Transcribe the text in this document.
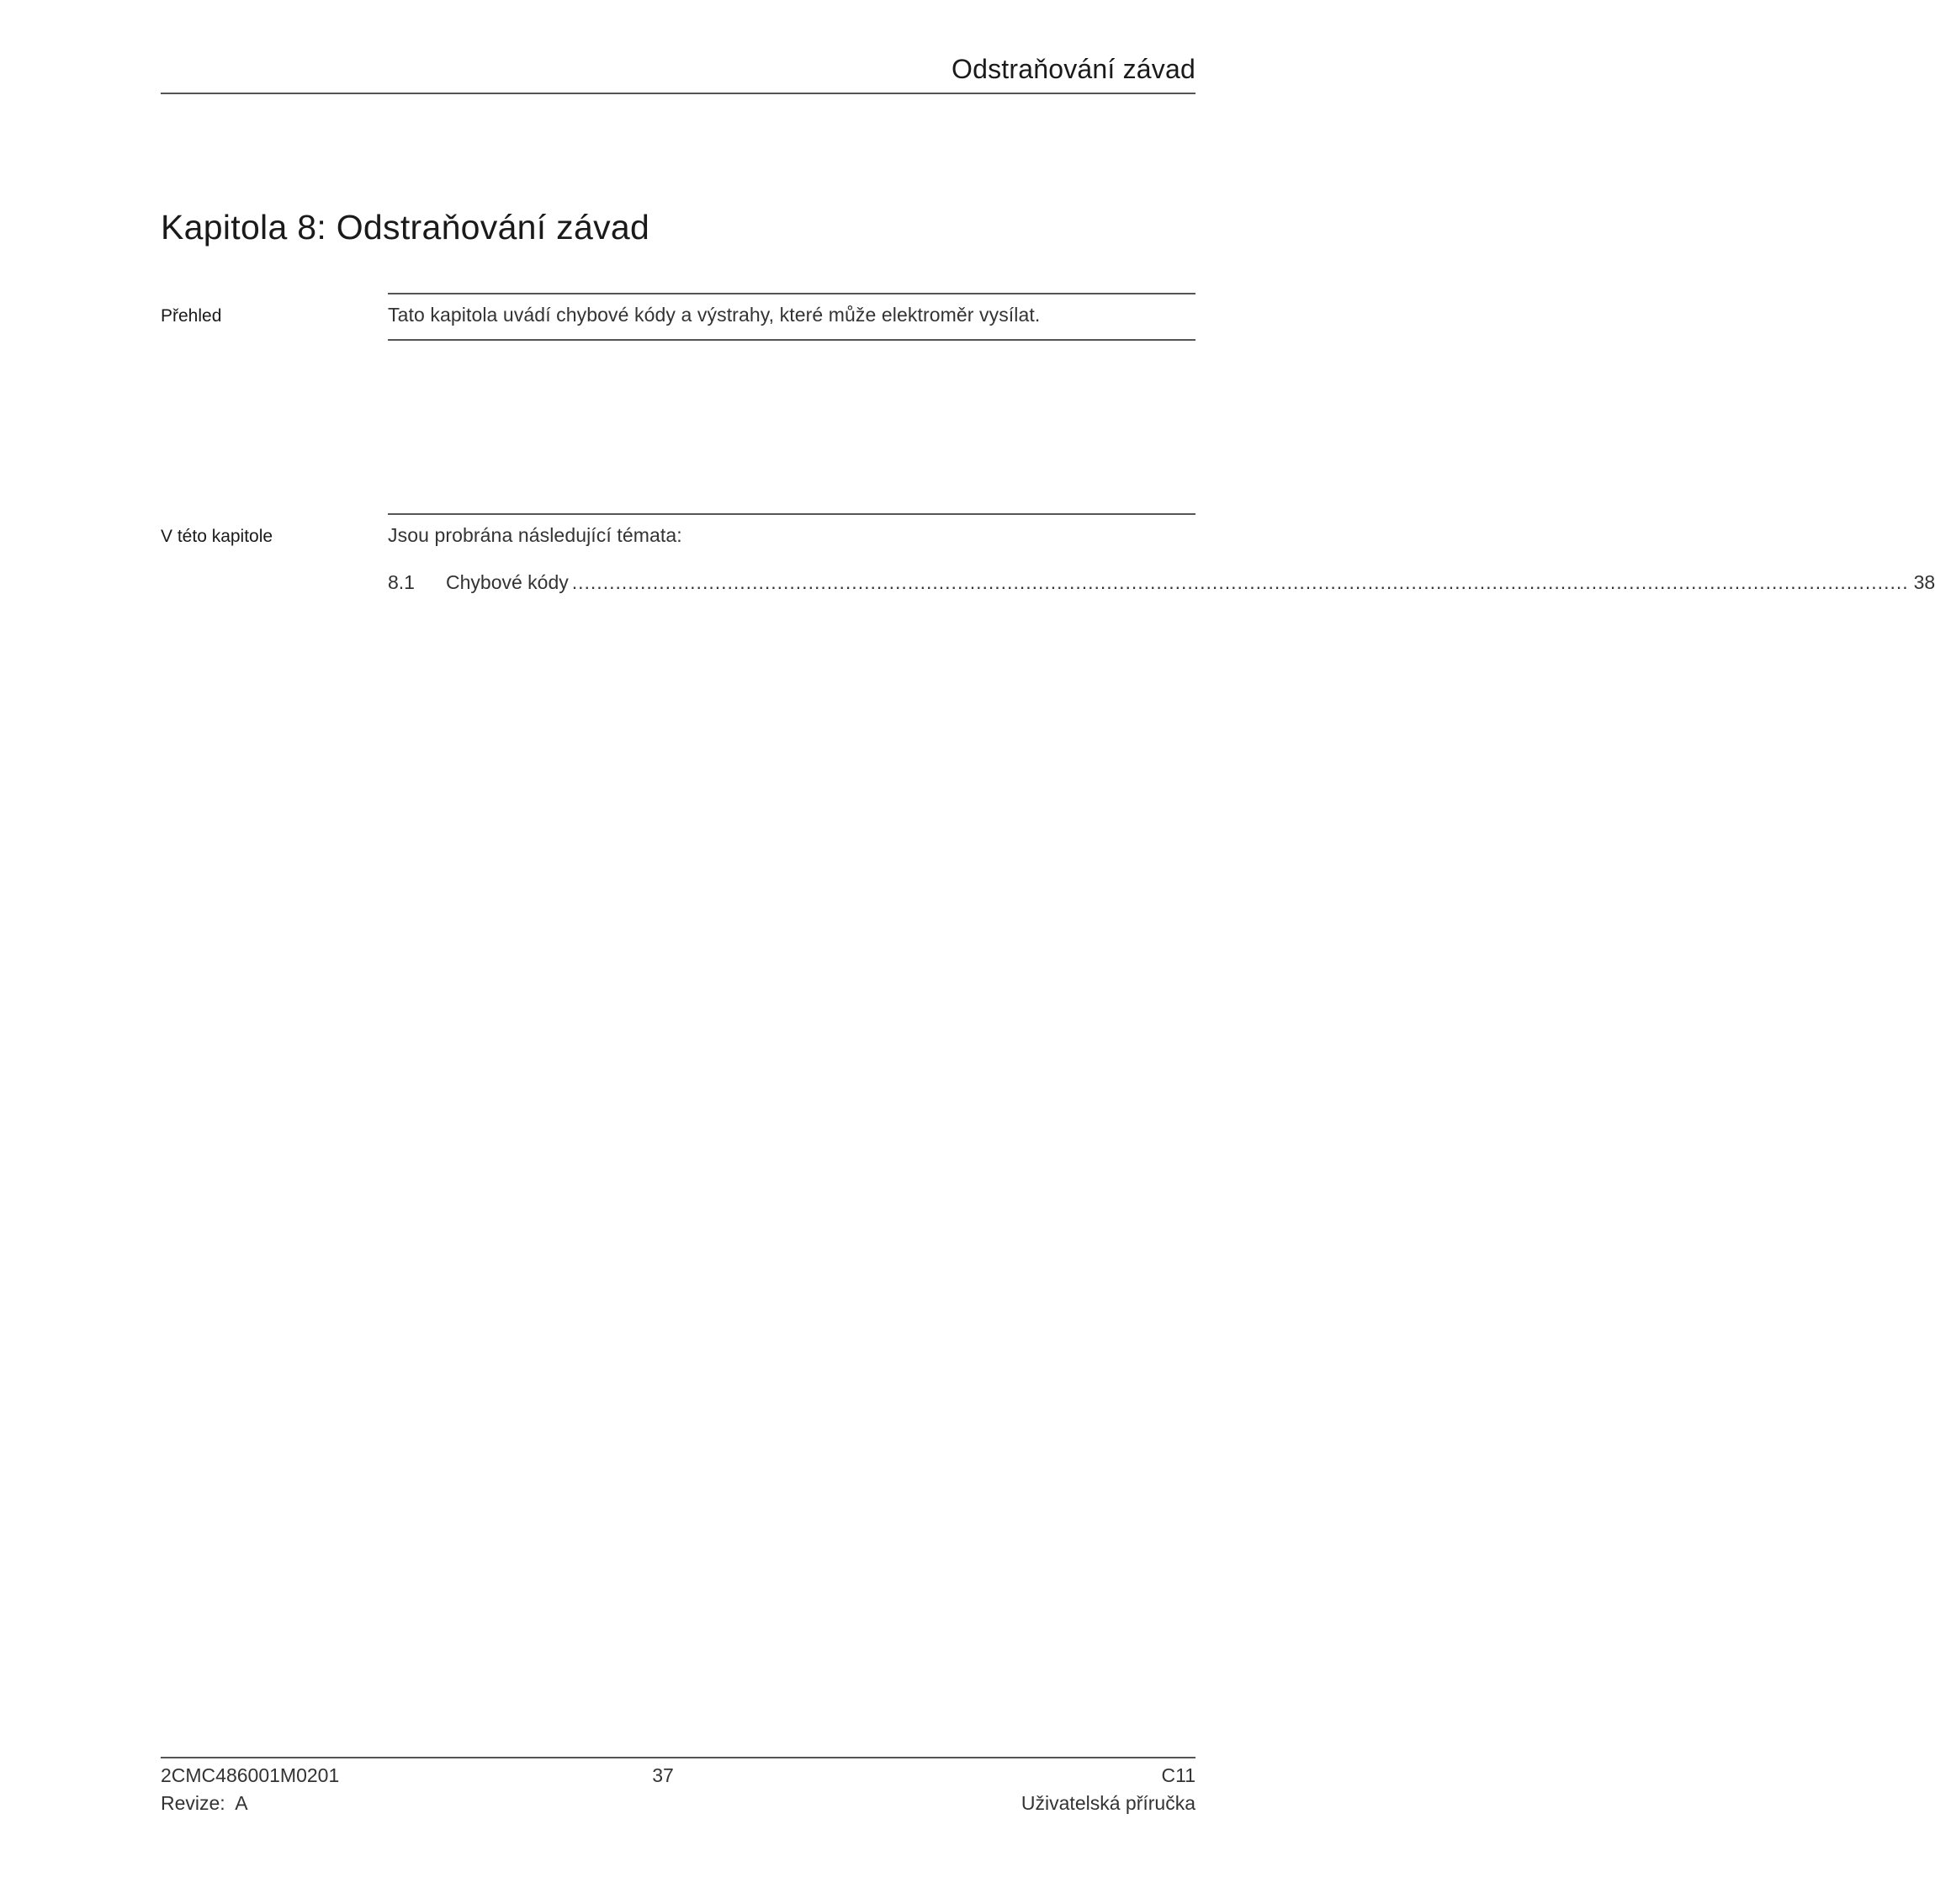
Odstraňování závad
Kapitola 8: Odstraňování závad
Přehled	Tato kapitola uvádí chybové kódy a výstrahy, které může elektroměr vysílat.
V této kapitole	Jsou probrána následující témata:
8.1	Chybové kódy ....................................................................................................................................................................................................................... 38
2CMC486001M0201
Revize:  A
37	C11
Uživatelská příručka
